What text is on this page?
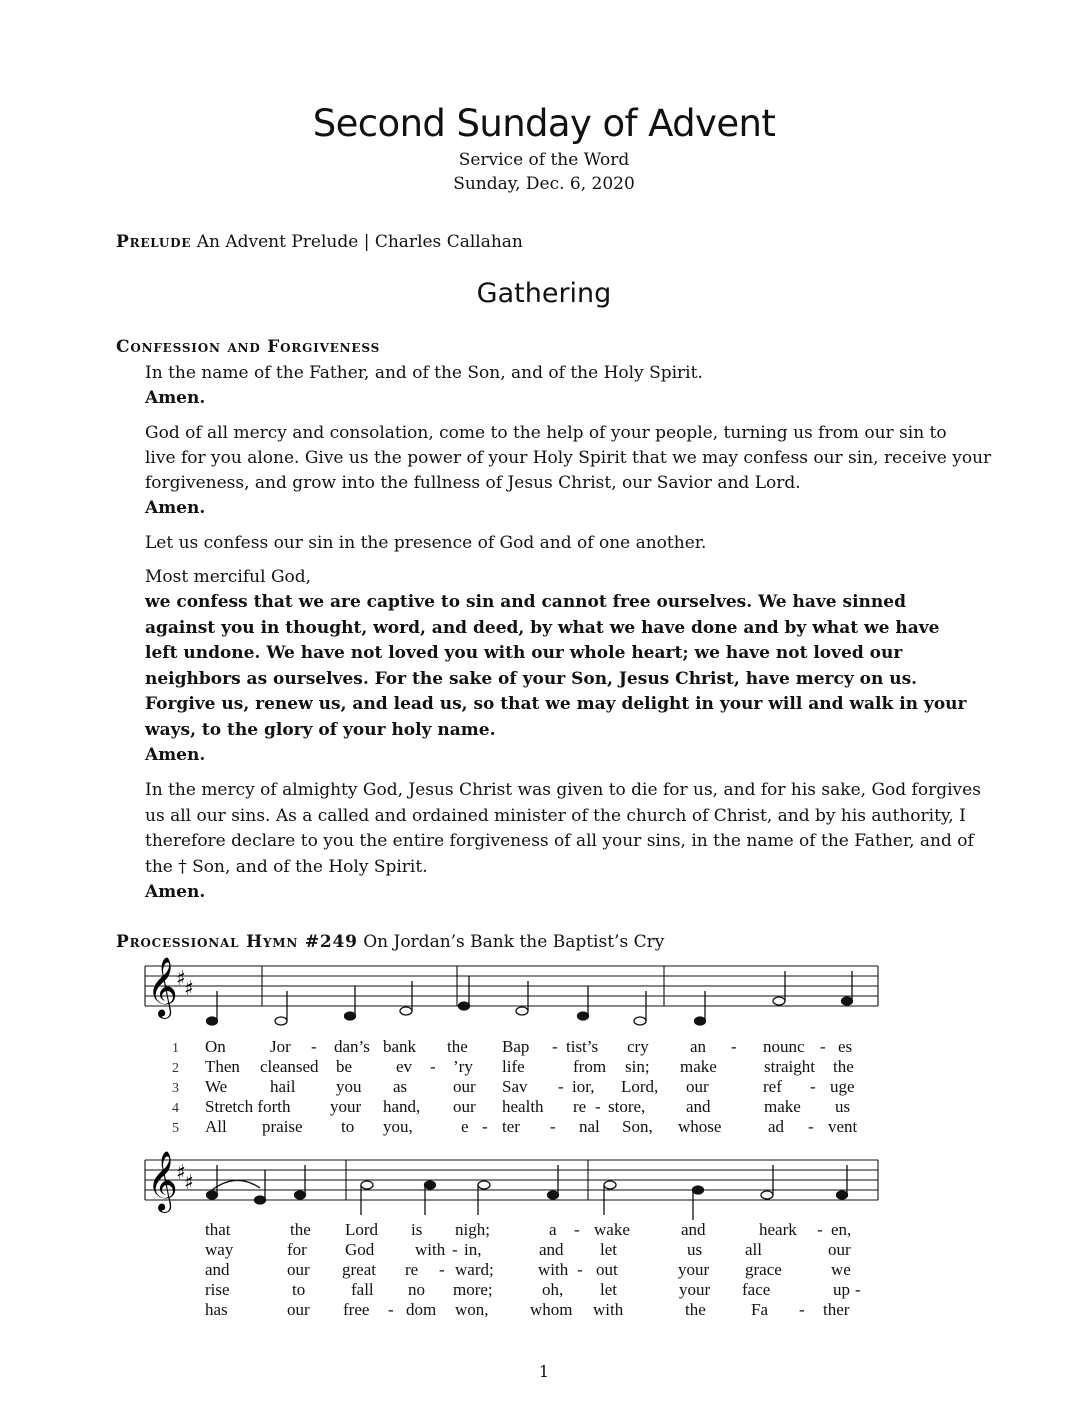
Second Sunday of Advent
Service of the Word
Sunday, Dec. 6, 2020
Prelude An Advent Prelude | Charles Callahan
Gathering
Confession and Forgiveness
In the name of the Father, and of the Son, and of the Holy Spirit.
Amen.
God of all mercy and consolation, come to the help of your people, turning us from our sin to
live for you alone. Give us the power of your Holy Spirit that we may confess our sin, receive your
forgiveness, and grow into the fullness of Jesus Christ, our Savior and Lord.
Amen.
Let us confess our sin in the presence of God and of one another.
Most merciful God,
we confess that we are captive to sin and cannot free ourselves. We have sinned
against you in thought, word, and deed, by what we have done and by what we have
left undone. We have not loved you with our whole heart; we have not loved our
neighbors as ourselves. For the sake of your Son, Jesus Christ, have mercy on us.
Forgive us, renew us, and lead us, so that we may delight in your will and walk in your
ways, to the glory of your holy name.
Amen.
In the mercy of almighty God, Jesus Christ was given to die for us, and for his sake, God forgives
us all our sins. As a called and ordained minister of the church of Christ, and by his authority, I
therefore declare to you the entire forgiveness of all your sins, in the name of the Father, and of
the † Son, and of the Holy Spirit.
Amen.
Processional Hymn #249 On Jordan’s Bank the Baptist’s Cry
𝄞
♯
♯
𝄞
♯
♯
1
2
3
4
5
On	Jor - dan’s bank the Bap - tist’s cry an - nounc - es
Then cleansed be	ev - ’ry life	from sin; make	straight the
We	hail you as	our Sav - ior, Lord, our	ref - uge
Stretch forth your hand, our health re - store, and	make us
All praise to you,	e - ter - nal Son, whose	ad - vent
that	the Lord is nigh;	a - wake	and	heark - en,
way	for God with - in,	and let	us	all	our
and	our great re - ward;	with - out	your grace	we
rise	to	fall no more;	oh, let	your face	up -
has	our free - dom won, whom with	the	Fa - ther
1
